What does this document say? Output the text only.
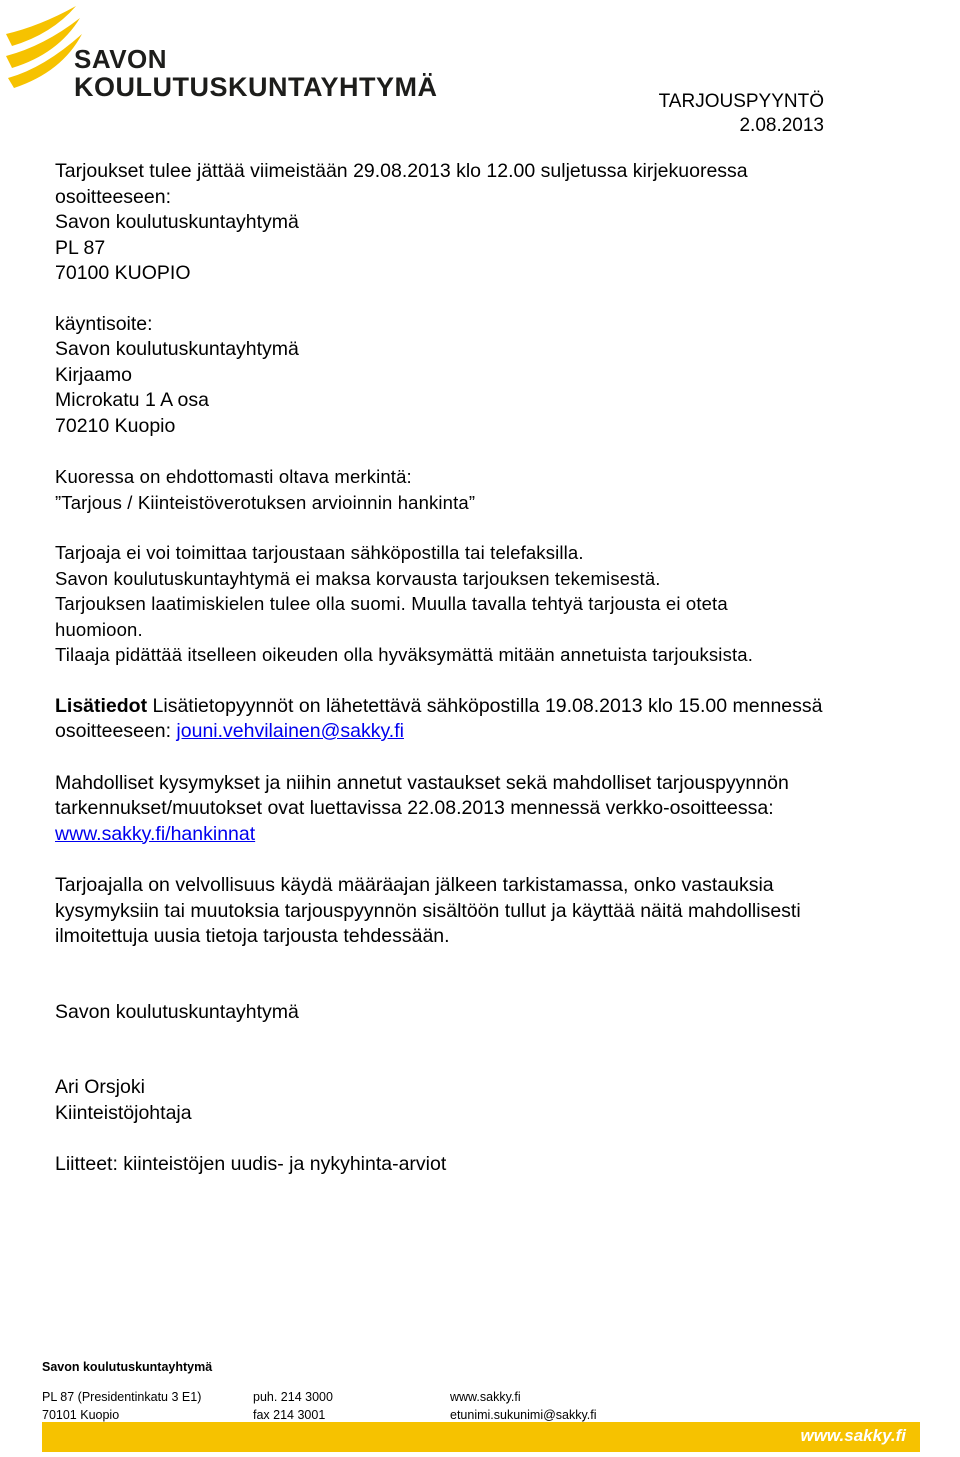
SAVON
KOULUTUSKUNTAYHTYMÄ	TARJOUSPYYNTÖ
2.08.2013

Tarjoukset tulee jättää viimeistään 29.08.2013 klo 12.00 suljetussa kirjekuoressa

osoitteeseen:

Savon koulutuskuntayhtymä

PL 87

70100 KUOPIO

käyntisoite:

Savon koulutuskuntayhtymä

Kirjaamo

Microkatu 1 A osa

70210 Kuopio

Kuoressa on ehdottomasti oltava merkintä:

”Tarjous / Kiinteistöverotuksen arvioinnin hankinta”

Tarjoaja ei voi toimittaa tarjoustaan sähköpostilla tai telefaksilla.

Savon koulutuskuntayhtymä ei maksa korvausta tarjouksen tekemisestä.

Tarjouksen laatimiskielen tulee olla suomi. Muulla tavalla tehtyä tarjousta ei oteta

huomioon.

Tilaaja pidättää itselleen oikeuden olla hyväksymättä mitään annetuista tarjouksista.

Lisätiedot Lisätietopyynnöt on lähetettävä sähköpostilla 19.08.2013 klo 15.00 mennessä

osoitteeseen: jouni.vehvilainen@sakky.fi

Mahdolliset kysymykset ja niihin annetut vastaukset sekä mahdolliset tarjouspyynnön

tarkennukset/muutokset ovat luettavissa 22.08.2013 mennessä verkko-osoitteessa:

www.sakky.fi/hankinnat

Tarjoajalla on velvollisuus käydä määräajan jälkeen tarkistamassa, onko vastauksia

kysymyksiin tai muutoksia tarjouspyynnön sisältöön tullut ja käyttää näitä mahdollisesti

ilmoitettuja uusia tietoja tarjousta tehdessään.

Savon koulutuskuntayhtymä

Ari Orsjoki

Kiinteistöjohtaja

Liitteet: kiinteistöjen uudis- ja nykyhinta-arviot

Savon koulutuskuntayhtymä
PL 87 (Presidentinkatu 3 E1)	puh. 214 3000	www.sakky.fi
70101 Kuopio	fax 214 3001	etunimi.sukunimi@sakky.fi
www.sakky.fi
